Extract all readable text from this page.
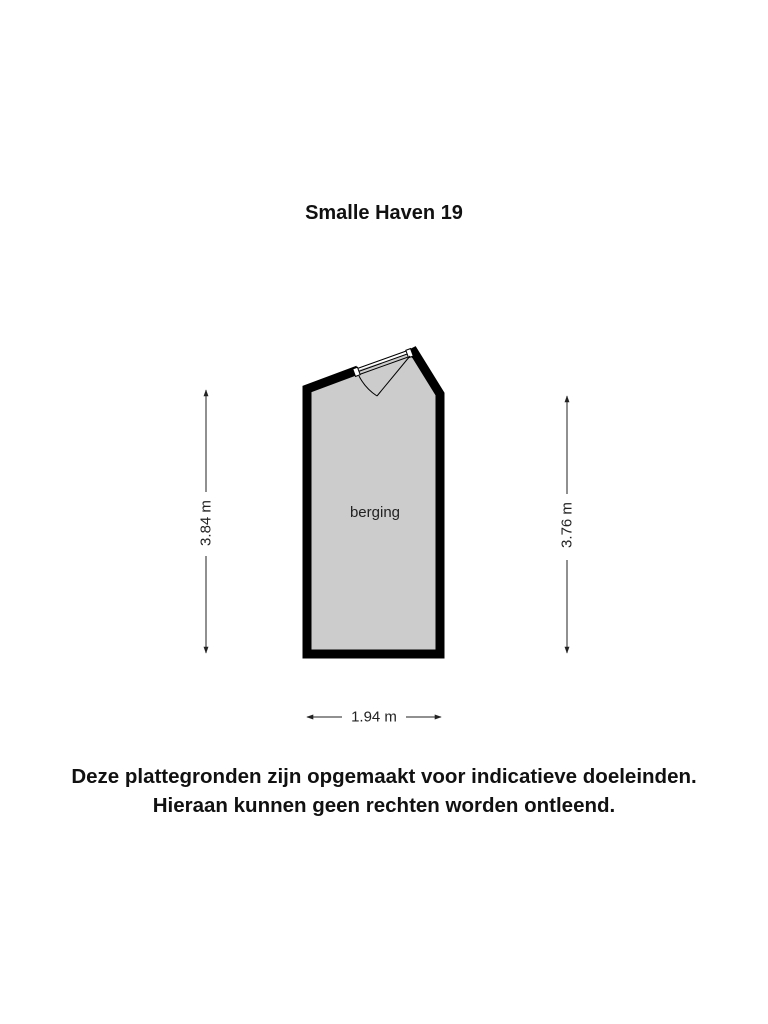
Smalle Haven 19
berging
3.84 m	3.76 m
1.94 m
Deze plattegronden zijn opgemaakt voor indicatieve doeleinden.
Hieraan kunnen geen rechten worden ontleend.
